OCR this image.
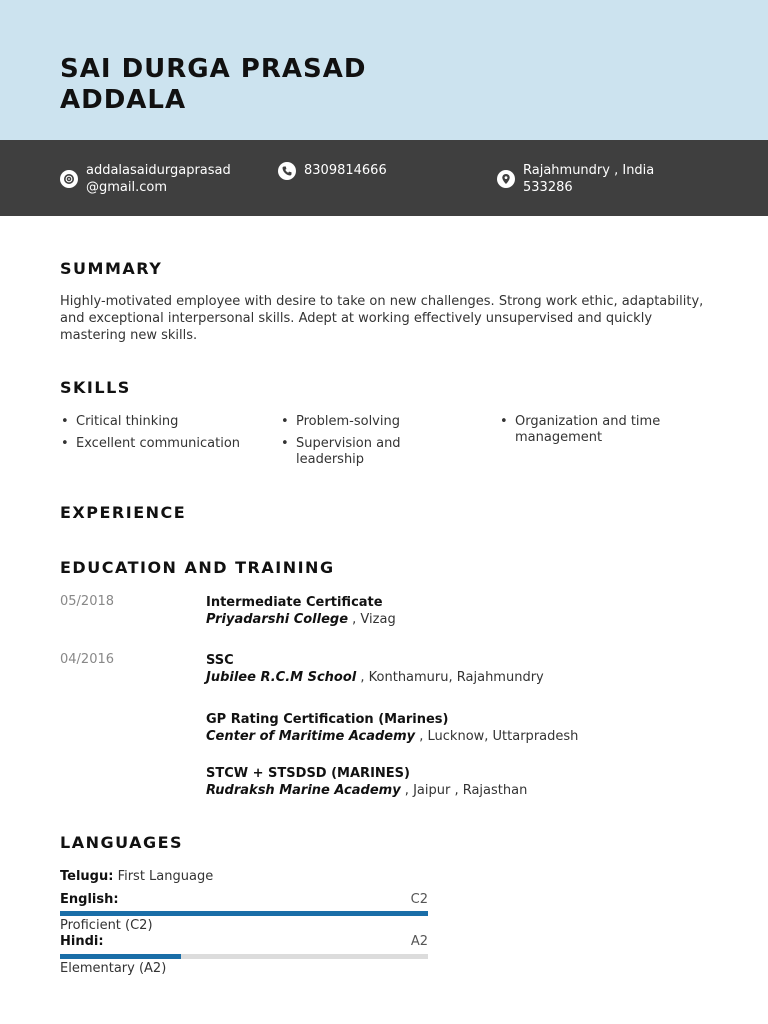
SAI DURGA PRASAD
ADDALA
addalasaidurgaprasad
@gmail.com
8309814666	Rajahmundry , India
533286
SUMMARY
Highly-motivated employee with desire to take on new challenges. Strong work ethic, adaptability, and exceptional interpersonal skills. Adept at working effectively unsupervised and quickly mastering new skills.
SKILLS
• Critical thinking
• Excellent communication
• Problem-solving
• Supervision and leadership
• Organization and time management
EXPERIENCE
EDUCATION AND TRAINING
05/2018	Intermediate Certificate
Priyadarshi College , Vizag
04/2016	SSC
Jubilee R.C.M School , Konthamuru, Rajahmundry
GP Rating Certification (Marines)
Center of Maritime Academy , Lucknow, Uttarpradesh
STCW + STSDSD (MARINES)
Rudraksh Marine Academy , Jaipur , Rajasthan
LANGUAGES
Telugu: First Language
English:	C2
Proficient (C2)
Hindi:	A2
Elementary (A2)
